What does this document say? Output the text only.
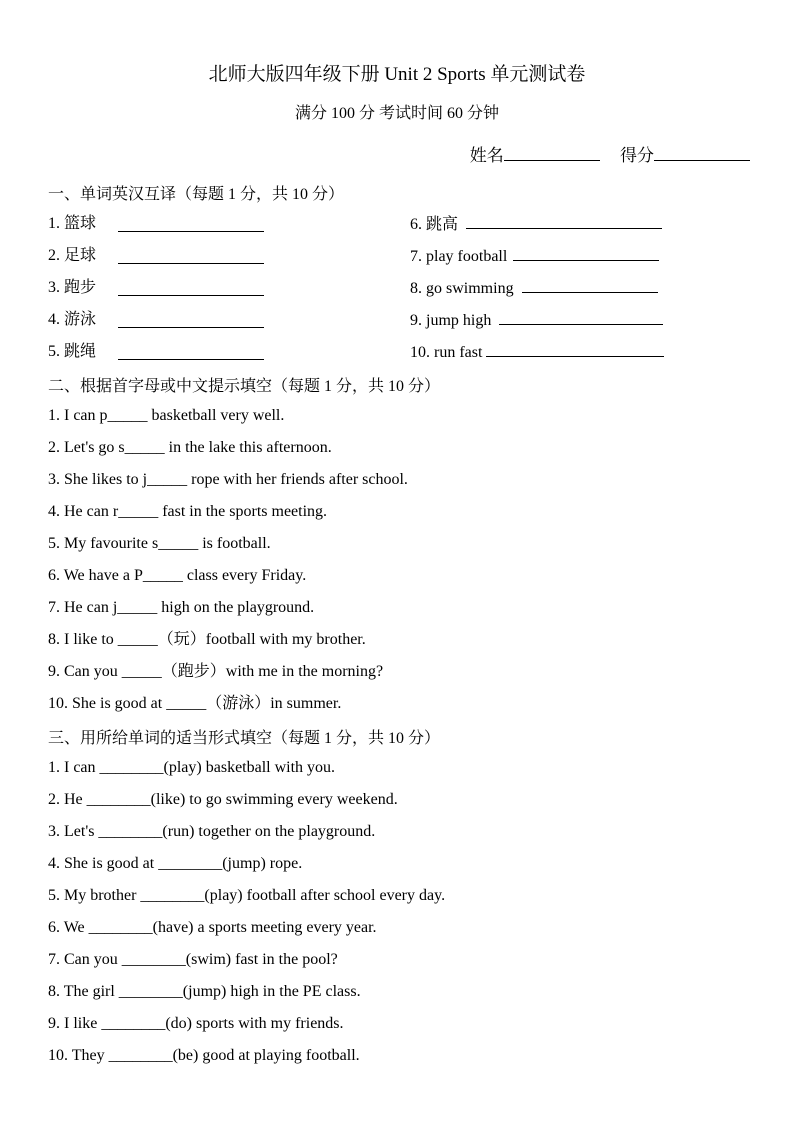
北师大版四年级下册 Unit 2 Sports 单元测试卷
满分 100 分 考试时间 60 分钟
姓名	得分
一、单词英汉互译（每题 1 分，共 10 分）
1. 篮球
2. 足球
3. 跑步
4. 游泳
5. 跳绳
6. 跳高
7. play football
8. go swimming
9. jump high
10. run fast
二、根据首字母或中文提示填空（每题 1 分，共 10 分）
1. I can p_____ basketball very well.
2. Let's go s_____ in the lake this afternoon.
3. She likes to j_____ rope with her friends after school.
4. He can r_____ fast in the sports meeting.
5. My favourite s_____ is football.
6. We have a P_____ class every Friday.
7. He can j_____ high on the playground.
8. I like to _____（玩）football with my brother.
9. Can you _____（跑步）with me in the morning?
10. She is good at _____（游泳）in summer.
三、用所给单词的适当形式填空（每题 1 分，共 10 分）
1. I can ________(play) basketball with you.
2. He ________(like) to go swimming every weekend.
3. Let's ________(run) together on the playground.
4. She is good at ________(jump) rope.
5. My brother ________(play) football after school every day.
6. We ________(have) a sports meeting every year.
7. Can you ________(swim) fast in the pool?
8. The girl ________(jump) high in the PE class.
9. I like ________(do) sports with my friends.
10. They ________(be) good at playing football.
